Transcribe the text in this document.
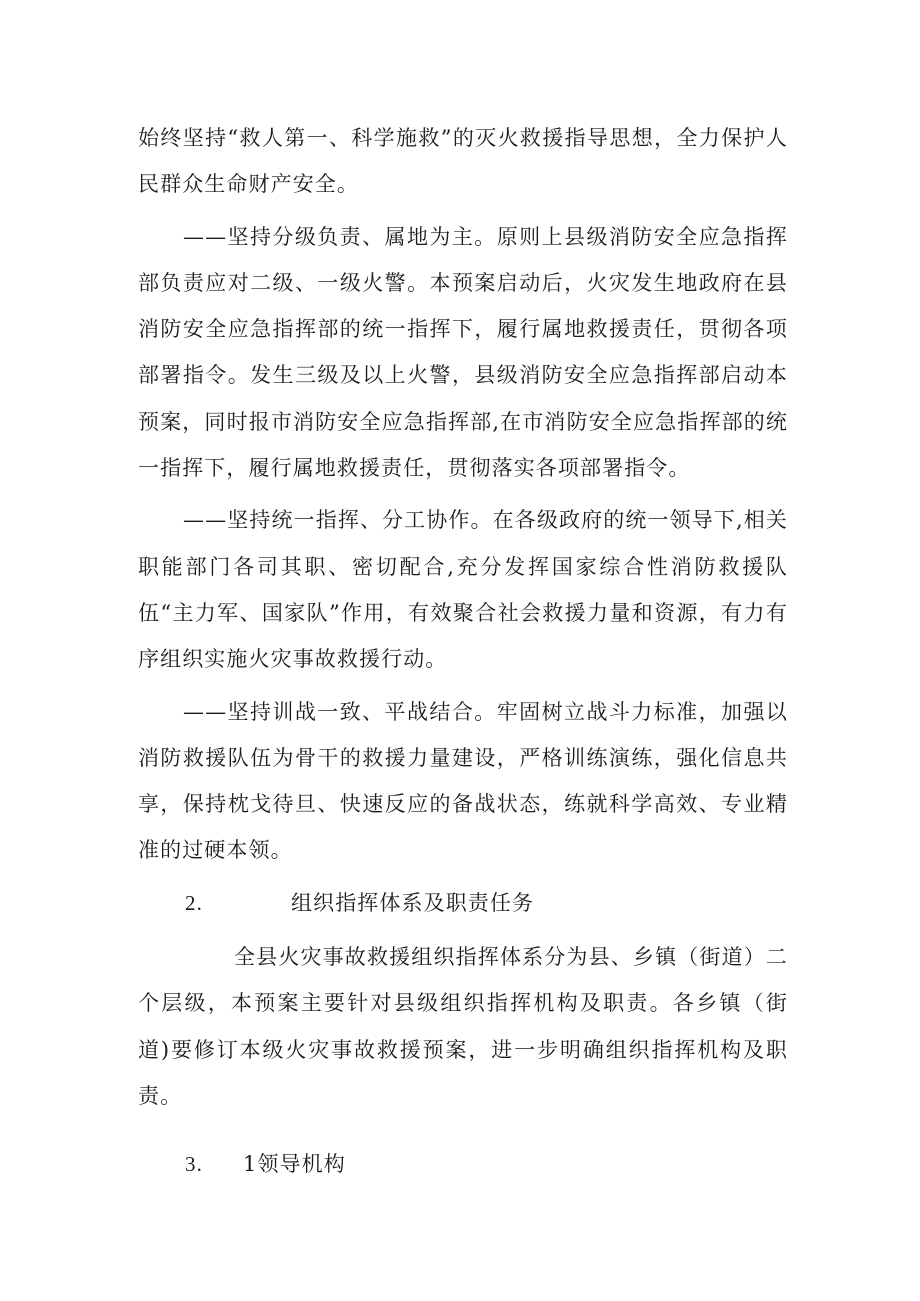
始终坚持“救人第一、科学施救”的灭火救援指导思想，全力保护人民群众生命财产安全。

——坚持分级负责、属地为主。原则上县级消防安全应急指挥部负责应对二级、一级火警。本预案启动后，火灾发生地政府在县消防安全应急指挥部的统一指挥下，履行属地救援责任，贯彻各项部署指令。发生三级及以上火警，县级消防安全应急指挥部启动本预案，同时报市消防安全应急指挥部,在市消防安全应急指挥部的统一指挥下，履行属地救援责任，贯彻落实各项部署指令。

——坚持统一指挥、分工协作。在各级政府的统一领导下,相关职能部门各司其职、密切配合,充分发挥国家综合性消防救援队伍“主力军、国家队”作用，有效聚合社会救援力量和资源，有力有序组织实施火灾事故救援行动。

——坚持训战一致、平战结合。牢固树立战斗力标准，加强以消防救援队伍为骨干的救援力量建设，严格训练演练，强化信息共享，保持枕戈待旦、快速反应的备战状态，练就科学高效、专业精准的过硬本领。

2.	组织指挥体系及职责任务

全县火灾事故救援组织指挥体系分为县、乡镇（街道）二个层级，本预案主要针对县级组织指挥机构及职责。各乡镇（街道)要修订本级火灾事故救援预案，进一步明确组织指挥机构及职责。

3.	1领导机构
